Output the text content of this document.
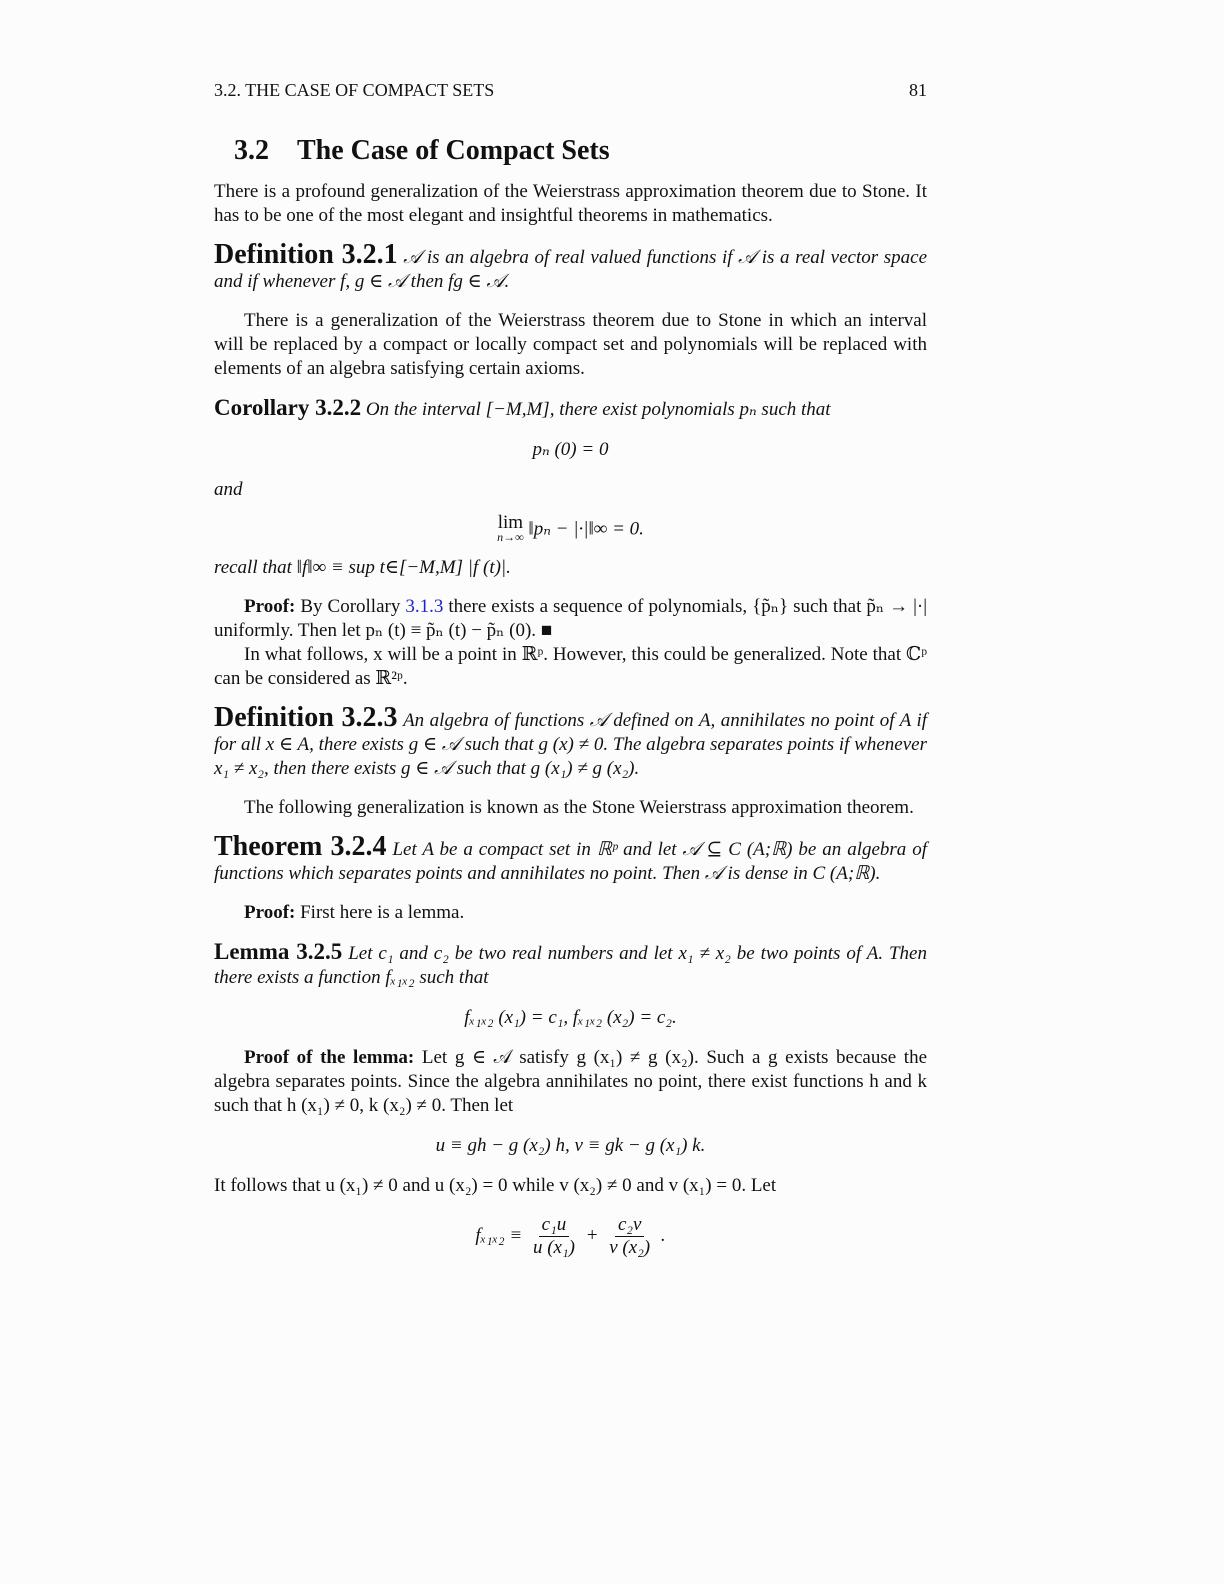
3.2. THE CASE OF COMPACT SETS	81
3.2 The Case of Compact Sets

There is a profound generalization of the Weierstrass approximation theorem due to Stone. It has to be one of the most elegant and insightful theorems in mathematics.

Definition 3.2.1 𝒜 is an algebra of real valued functions if 𝒜 is a real vector space and if whenever f, g ∈ 𝒜 then fg ∈ 𝒜.

There is a generalization of the Weierstrass theorem due to Stone in which an interval will be replaced by a compact or locally compact set and polynomials will be replaced with elements of an algebra satisfying certain axioms.

Corollary 3.2.2 On the interval [−M,M], there exist polynomials pₙ such that

pₙ (0) = 0

and

lim
n→∞ ‖pₙ − |·|‖∞ = 0.

recall that ‖f‖∞ ≡ sup t∈[−M,M] |f (t)|.

Proof: By Corollary 3.1.3 there exists a sequence of polynomials, {p̃ₙ} such that p̃ₙ → |·| uniformly. Then let pₙ (t) ≡ p̃ₙ (t) − p̃ₙ (0). ■

In what follows, x will be a point in ℝᵖ. However, this could be generalized. Note that ℂᵖ can be considered as ℝ²ᵖ.

Definition 3.2.3 An algebra of functions 𝒜 defined on A, annihilates no point of A if for all x ∈ A, there exists g ∈ 𝒜 such that g (x) ≠ 0. The algebra separates points if whenever x₁ ≠ x₂, then there exists g ∈ 𝒜 such that g (x₁) ≠ g (x₂).

The following generalization is known as the Stone Weierstrass approximation theorem.

Theorem 3.2.4 Let A be a compact set in ℝᵖ and let 𝒜 ⊆ C (A;ℝ) be an algebra of functions which separates points and annihilates no point. Then 𝒜 is dense in C (A;ℝ).

Proof: First here is a lemma.

Lemma 3.2.5 Let c₁ and c₂ be two real numbers and let x₁ ≠ x₂ be two points of A. Then there exists a function fₓ₁ₓ₂ such that

fₓ₁ₓ₂ (x₁) = c₁, fₓ₁ₓ₂ (x₂) = c₂.

Proof of the lemma: Let g ∈ 𝒜 satisfy g (x₁) ≠ g (x₂). Such a g exists because the algebra separates points. Since the algebra annihilates no point, there exist functions h and k such that h (x₁) ≠ 0, k (x₂) ≠ 0. Then let

u ≡ gh − g (x₂) h, v ≡ gk − g (x₁) k.

It follows that u (x₁) ≠ 0 and u (x₂) = 0 while v (x₂) ≠ 0 and v (x₁) = 0. Let

$f_{x1x2} \equiv \frac{\text{c₁u}}{\text{u (x₁)}} + \frac{\text{c₂v}}{\text{v (x₂)}}$ .
